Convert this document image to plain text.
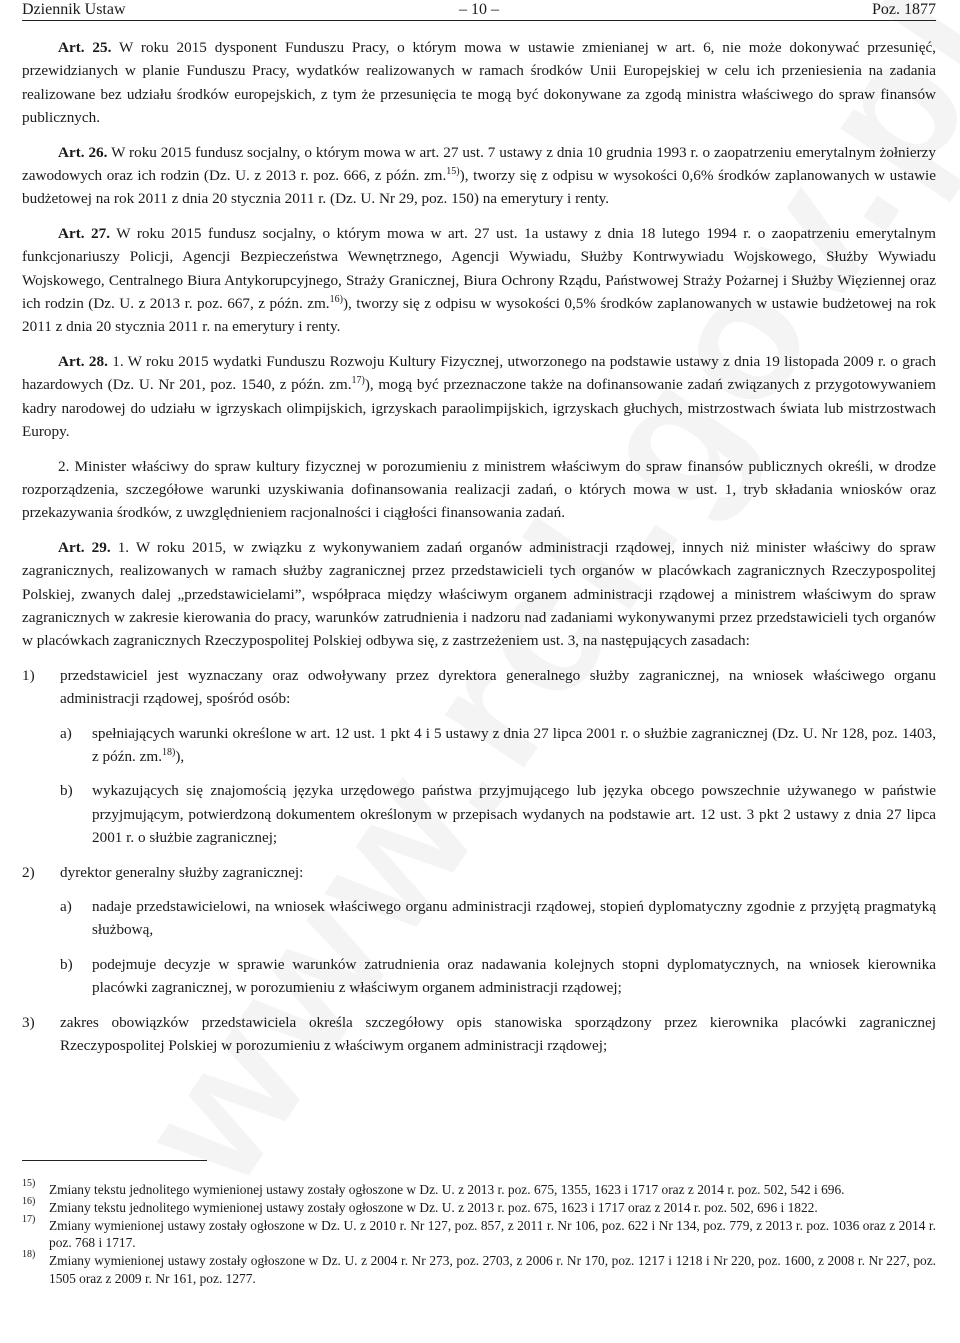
Dziennik Ustaw	– 10 –	Poz. 1877

Art. 25. W roku 2015 dysponent Funduszu Pracy, o którym mowa w ustawie zmienianej w art. 6, nie może dokonywać przesunięć, przewidzianych w planie Funduszu Pracy, wydatków realizowanych w ramach środków Unii Europejskiej w celu ich przeniesienia na zadania realizowane bez udziału środków europejskich, z tym że przesunięcia te mogą być dokonywane za zgodą ministra właściwego do spraw finansów publicznych.

Art. 26. W roku 2015 fundusz socjalny, o którym mowa w art. 27 ust. 7 ustawy z dnia 10 grudnia 1993 r. o zaopatrzeniu emerytalnym żołnierzy zawodowych oraz ich rodzin (Dz. U. z 2013 r. poz. 666, z późn. zm.$^{15)}$), tworzy się z odpisu w wysokości 0,6% środków zaplanowanych w ustawie budżetowej na rok 2011 z dnia 20 stycznia 2011 r. (Dz. U. Nr 29, poz. 150) na emerytury i renty.

Art. 27. W roku 2015 fundusz socjalny, o którym mowa w art. 27 ust. 1a ustawy z dnia 18 lutego 1994 r. o zaopatrzeniu emerytalnym funkcjonariuszy Policji, Agencji Bezpieczeństwa Wewnętrznego, Agencji Wywiadu, Służby Kontrwywiadu Wojskowego, Służby Wywiadu Wojskowego, Centralnego Biura Antykorupcyjnego, Straży Granicznej, Biura Ochrony Rządu, Państwowej Straży Pożarnej i Służby Więziennej oraz ich rodzin (Dz. U. z 2013 r. poz. 667, z późn. zm.$^{16)}$), tworzy się z odpisu w wysokości 0,5% środków zaplanowanych w ustawie budżetowej na rok 2011 z dnia 20 stycznia 2011 r. na emerytury i renty.

Art. 28. 1. W roku 2015 wydatki Funduszu Rozwoju Kultury Fizycznej, utworzonego na podstawie ustawy z dnia 19 listopada 2009 r. o grach hazardowych (Dz. U. Nr 201, poz. 1540, z późn. zm.$^{17)}$), mogą być przeznaczone także na dofinansowanie zadań związanych z przygotowywaniem kadry narodowej do udziału w igrzyskach olimpijskich, igrzyskach paraolimpijskich, igrzyskach głuchych, mistrzostwach świata lub mistrzostwach Europy.

2. Minister właściwy do spraw kultury fizycznej w porozumieniu z ministrem właściwym do spraw finansów publicznych określi, w drodze rozporządzenia, szczegółowe warunki uzyskiwania dofinansowania realizacji zadań, o których mowa w ust. 1, tryb składania wniosków oraz przekazywania środków, z uwzględnieniem racjonalności i ciągłości finansowania zadań.

Art. 29. 1. W roku 2015, w związku z wykonywaniem zadań organów administracji rządowej, innych niż minister właściwy do spraw zagranicznych, realizowanych w ramach służby zagranicznej przez przedstawicieli tych organów w placówkach zagranicznych Rzeczypospolitej Polskiej, zwanych dalej „przedstawicielami”, współpraca między właściwym organem administracji rządowej a ministrem właściwym do spraw zagranicznych w zakresie kierowania do pracy, warunków zatrudnienia i nadzoru nad zadaniami wykonywanymi przez przedstawicieli tych organów w placówkach zagranicznych Rzeczypospolitej Polskiej odbywa się, z zastrzeżeniem ust. 3, na następujących zasadach:

1) przedstawiciel jest wyznaczany oraz odwoływany przez dyrektora generalnego służby zagranicznej, na wniosek właściwego organu administracji rządowej, spośród osób:

a) spełniających warunki określone w art. 12 ust. 1 pkt 4 i 5 ustawy z dnia 27 lipca 2001 r. o służbie zagranicznej (Dz. U. Nr 128, poz. 1403, z późn. zm.$^{18)}$),

b) wykazujących się znajomością języka urzędowego państwa przyjmującego lub języka obcego powszechnie używanego w państwie przyjmującym, potwierdzoną dokumentem określonym w przepisach wydanych na podstawie art. 12 ust. 3 pkt 2 ustawy z dnia 27 lipca 2001 r. o służbie zagranicznej;

2) dyrektor generalny służby zagranicznej:

a) nadaje przedstawicielowi, na wniosek właściwego organu administracji rządowej, stopień dyplomatyczny zgodnie z przyjętą pragmatyką służbową,

b) podejmuje decyzje w sprawie warunków zatrudnienia oraz nadawania kolejnych stopni dyplomatycznych, na wniosek kierownika placówki zagranicznej, w porozumieniu z właściwym organem administracji rządowej;

3) zakres obowiązków przedstawiciela określa szczegółowy opis stanowiska sporządzony przez kierownika placówki zagranicznej Rzeczypospolitej Polskiej w porozumieniu z właściwym organem administracji rządowej;

15) Zmiany tekstu jednolitego wymienionej ustawy zostały ogłoszone w Dz. U. z 2013 r. poz. 675, 1355, 1623 i 1717 oraz z 2014 r. poz. 502, 542 i 696.

16) Zmiany tekstu jednolitego wymienionej ustawy zostały ogłoszone w Dz. U. z 2013 r. poz. 675, 1623 i 1717 oraz z 2014 r. poz. 502, 696 i 1822.

17) Zmiany wymienionej ustawy zostały ogłoszone w Dz. U. z 2010 r. Nr 127, poz. 857, z 2011 r. Nr 106, poz. 622 i Nr 134, poz. 779, z 2013 r. poz. 1036 oraz z 2014 r. poz. 768 i 1717.

18) Zmiany wymienionej ustawy zostały ogłoszone w Dz. U. z 2004 r. Nr 273, poz. 2703, z 2006 r. Nr 170, poz. 1217 i 1218 i Nr 220, poz. 1600, z 2008 r. Nr 227, poz. 1505 oraz z 2009 r. Nr 161, poz. 1277.
